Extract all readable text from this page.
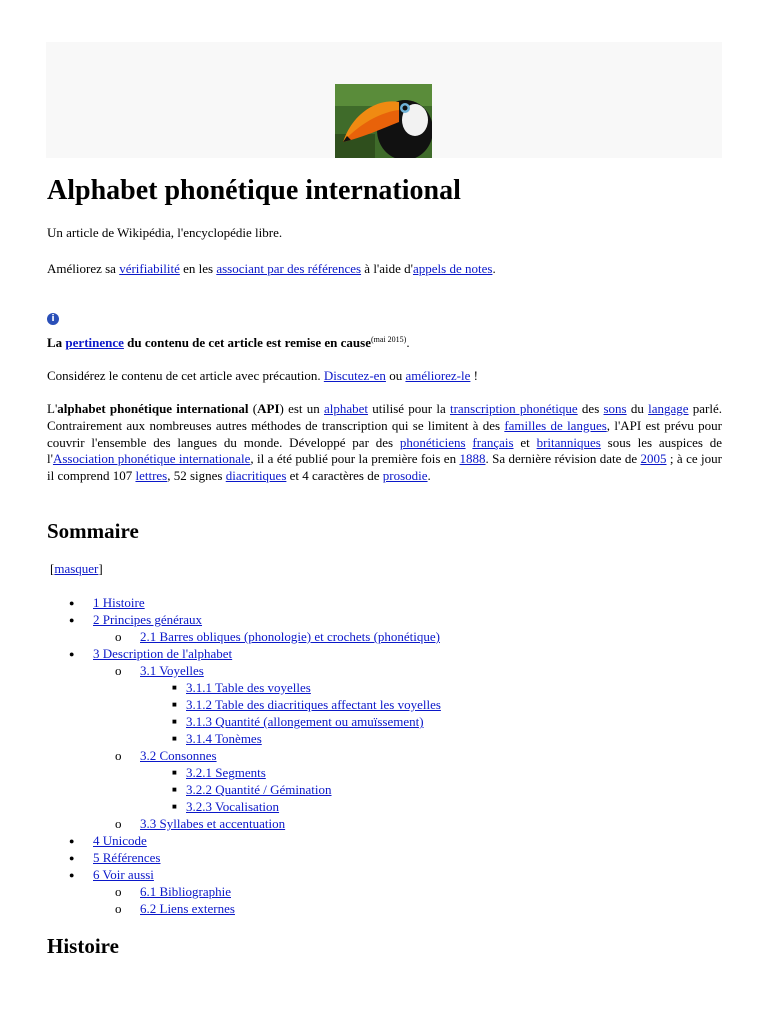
Alphabet phonétique international

Un article de Wikipédia, l'encyclopédie libre.

Améliorez sa vérifiabilité en les associant par des références à l'aide d'appels de notes.

i

La pertinence du contenu de cet article est remise en cause$^{(mai 2015)}$.

Considérez le contenu de cet article avec précaution. Discutez-en ou améliorez-le !

L'alphabet phonétique international (API) est un alphabet utilisé pour la transcription phonétique des sons du langage parlé. Contrairement aux nombreuses autres méthodes de transcription qui se limitent à des familles de langues, l'API est prévu pour couvrir l'ensemble des langues du monde. Développé par des phonéticiens français et britanniques sous les auspices de l'Association phonétique internationale, il a été publié pour la première fois en 1888. Sa dernière révision date de 2005 ; à ce jour il comprend 107 lettres, 52 signes diacritiques et 4 caractères de prosodie.

Sommaire
[masquer]
● 1 Histoire
● 2 Principes généraux
o 2.1 Barres obliques (phonologie) et crochets (phonétique)
● 3 Description de l'alphabet
o 3.1 Voyelles
■ 3.1.1 Table des voyelles
■ 3.1.2 Table des diacritiques affectant les voyelles
■ 3.1.3 Quantité (allongement ou amuïssement)
■ 3.1.4 Tonèmes
o 3.2 Consonnes
■ 3.2.1 Segments
■ 3.2.2 Quantité / Gémination
■ 3.2.3 Vocalisation
o 3.3 Syllabes et accentuation
● 4 Unicode
● 5 Références
● 6 Voir aussi
o 6.1 Bibliographie
o 6.2 Liens externes
Histoire
